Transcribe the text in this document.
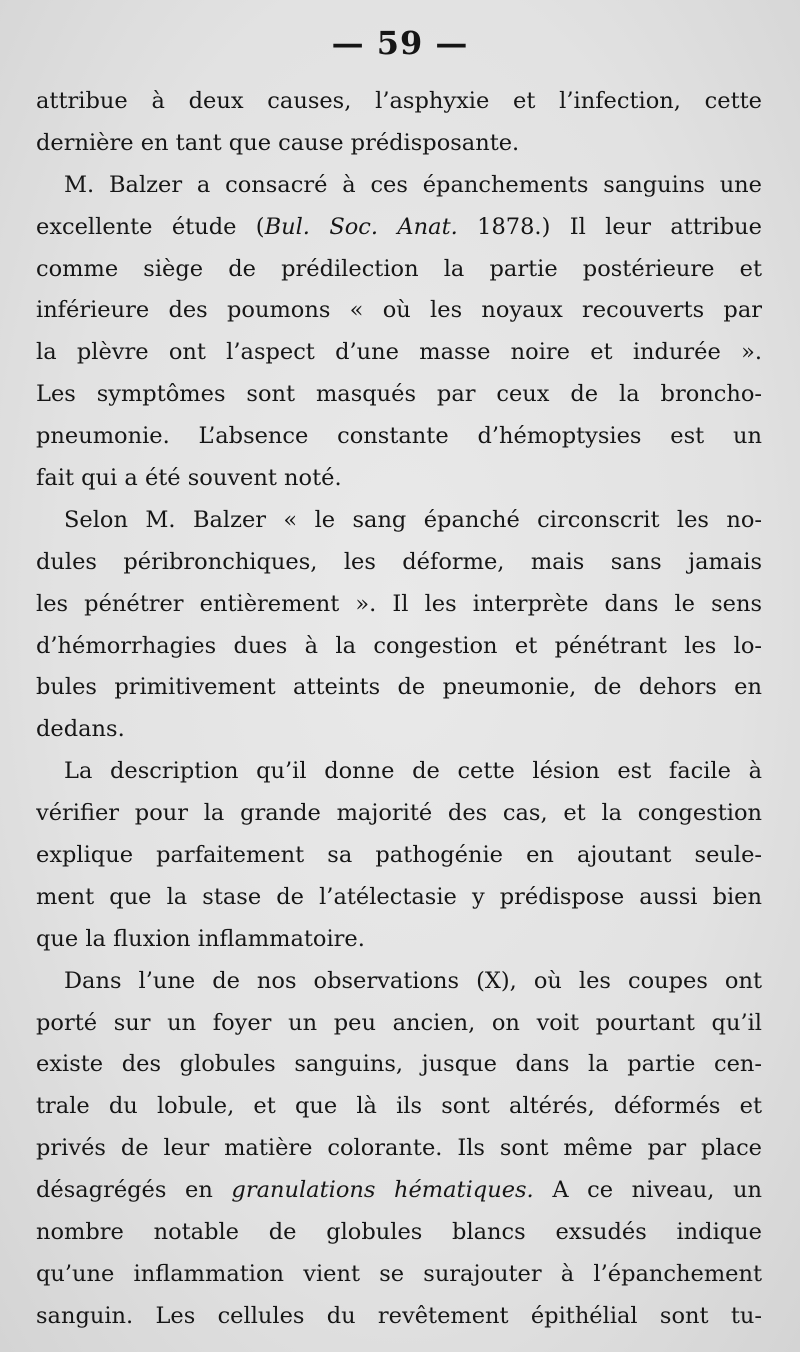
— 59 —

attribue à deux causes, l’asphyxie et l’infection, cette
dernière en tant que cause prédisposante.

M. Balzer a consacré à ces épanchements sanguins une
excellente étude (Bul. Soc. Anat. 1878.) Il leur attribue
comme siège de prédilection la partie postérieure et
inférieure des poumons « où les noyaux recouverts par
la plèvre ont l’aspect d’une masse noire et indurée ».
Les symptômes sont masqués par ceux de la broncho-
pneumonie. L’absence constante d’hémoptysies est un
fait qui a été souvent noté.

Selon M. Balzer « le sang épanché circonscrit les no-
dules péribronchiques, les déforme, mais sans jamais
les pénétrer entièrement ». Il les interprète dans le sens
d’hémorrhagies dues à la congestion et pénétrant les lo-
bules primitivement atteints de pneumonie, de dehors en
dedans.

La description qu’il donne de cette lésion est facile à
vérifier pour la grande majorité des cas, et la congestion
explique parfaitement sa pathogénie en ajoutant seule-
ment que la stase de l’atélectasie y prédispose aussi bien
que la fluxion inflammatoire.

Dans l’une de nos observations (X), où les coupes ont
porté sur un foyer un peu ancien, on voit pourtant qu’il
existe des globules sanguins, jusque dans la partie cen-
trale du lobule, et que là ils sont altérés, déformés et
privés de leur matière colorante. Ils sont même par place
désagrégés en granulations hématiques. A ce niveau, un
nombre notable de globules blancs exsudés indique
qu’une inflammation vient se surajouter à l’épanchement
sanguin. Les cellules du revêtement épithélial sont tu-
